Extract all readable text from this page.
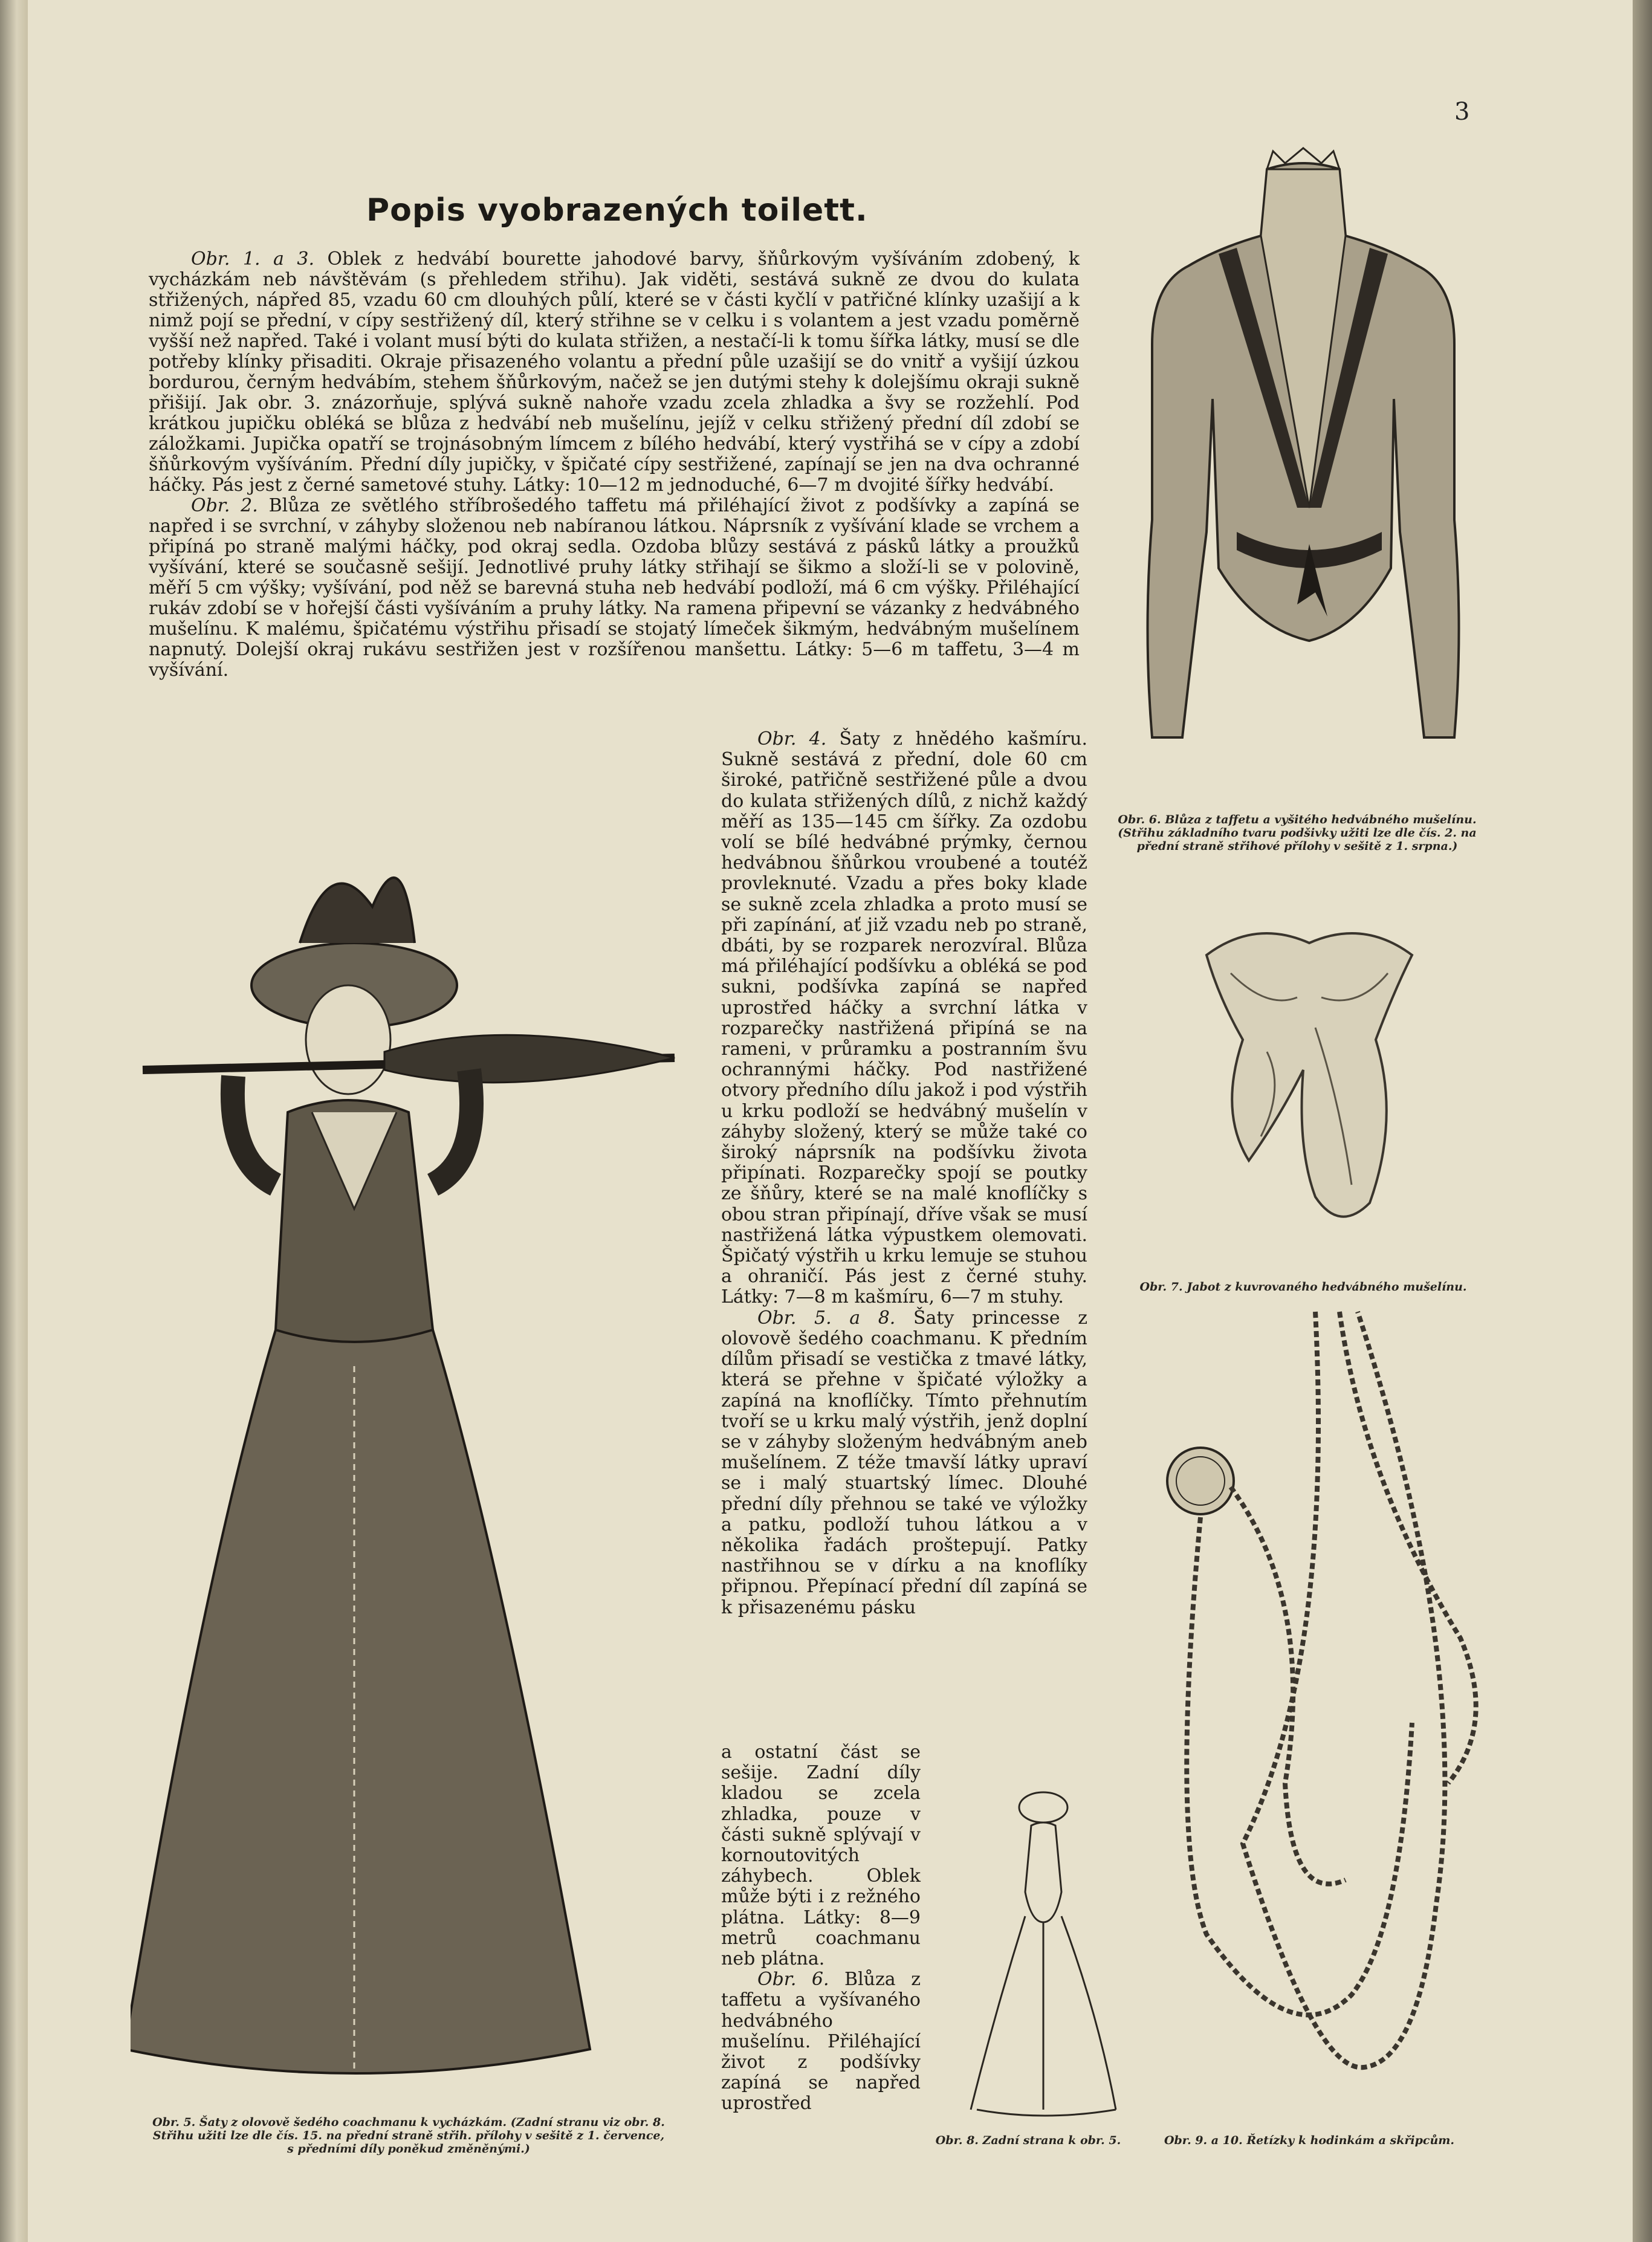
3
Popis vyobrazených toilett.

Obr. 1. a 3. Oblek z hedvábí bourette jahodové barvy, šňůrkovým vyšíváním zdobený, k vycházkám neb návštěvám (s přehledem střihu). Jak viděti, sestává sukně ze dvou do kulata střižených, nápřed 85, vzadu 60 cm dlouhých půlí, které se v části kyčlí v patřičné klínky uzašijí a k nimž pojí se přední, v cípy sestřižený díl, který střihne se v celku i s volantem a jest vzadu poměrně vyšší než napřed. Také i volant musí býti do kulata střižen, a nestačí-li k tomu šířka látky, musí se dle potřeby klínky přisaditi. Okraje přisazeného volantu a přední půle uzašijí se do vnitř a vyšijí úzkou bordurou, černým hedvábím, stehem šňůrkovým, načež se jen dutými stehy k dolejšímu okraji sukně přišijí. Jak obr. 3. znázorňuje, splývá sukně nahoře vzadu zcela zhladka a švy se rozžehlí. Pod krátkou jupičku obléká se blůza z hedvábí neb mušelínu, jejíž v celku střižený přední díl zdobí se záložkami. Jupička opatří se trojnásobným límcem z bílého hedvábí, který vystřihá se v cípy a zdobí šňůrkovým vyšíváním. Přední díly jupičky, v špičaté cípy sestřižené, zapínají se jen na dva ochranné háčky. Pás jest z černé sametové stuhy. Látky: 10—12 m jednoduché, 6—7 m dvojité šířky hedvábí.

Obr. 2. Blůza ze světlého stříbrošedého taffetu má přiléhající život z podšívky a zapíná se napřed i se svrchní, v záhyby složenou neb nabíranou látkou. Náprsník z vyšívání klade se vrchem a připíná po straně malými háčky, pod okraj sedla. Ozdoba blůzy sestává z pásků látky a proužků vyšívání, které se současně sešijí. Jednotlivé pruhy látky střihají se šikmo a složí-li se v polovině, měří 5 cm výšky; vyšívání, pod něž se barevná stuha neb hedvábí podloží, má 6 cm výšky. Přiléhající rukáv zdobí se v hořejší části vyšíváním a pruhy látky. Na ramena připevní se vázanky z hedvábného mušelínu. K malému, špičatému výstřihu přisadí se stojatý límeček šikmým, hedvábným mušelínem napnutý. Dolejší okraj rukávu sestřižen jest v rozšířenou manšettu. Látky: 5—6 m taffetu, 3—4 m vyšívání.

Obr. 4. Šaty z hnědého kašmíru. Sukně sestává z přední, dole 60 cm široké, patřičně sestřižené půle a dvou do kulata střižených dílů, z nichž každý měří as 135—145 cm šířky. Za ozdobu volí se bílé hedvábné prýmky, černou hedvábnou šňůrkou vroubené a toutéž provleknuté. Vzadu a přes boky klade se sukně zcela zhladka a proto musí se při zapínání, ať již vzadu neb po straně, dbáti, by se rozparek nerozvíral. Blůza má přiléhající podšívku a obléká se pod sukni, podšívka zapíná se napřed uprostřed háčky a svrchní látka v rozparečky nastřižená připíná se na rameni, v průramku a postranním švu ochrannými háčky. Pod nastřižené otvory předního dílu jakož i pod výstřih u krku podloží se hedvábný mušelín v záhyby složený, který se může také co široký náprsník na podšívku života připínati. Rozparečky spojí se poutky ze šňůry, které se na malé knoflíčky s obou stran připínají, dříve však se musí nastřižená látka výpustkem olemovati. Špičatý výstřih u krku lemuje se stuhou a ohraničí. Pás jest z černé stuhy. Látky: 7—8 m kašmíru, 6—7 m stuhy.

Obr. 5. a 8. Šaty princesse z olovově šedého coachmanu. K předním dílům přisadí se vestička z tmavé látky, která se přehne v špičaté výložky a zapíná na knoflíčky. Tímto přehnutím tvoří se u krku malý výstřih, jenž doplní se v záhyby složeným hedvábným aneb mušelínem. Z téže tmavší látky upraví se i malý stuartský límec. Dlouhé přední díly přehnou se také ve výložky a patku, podloží tuhou látkou a v několika řadách proštepují. Patky nastřihnou se v dírku a na knoflíky připnou. Přepínací přední díl zapíná se k přisazenému pásku

a ostatní část se sešije. Zadní díly kladou se zcela zhladka, pouze v části sukně splývají v kornoutovitých záhybech. Oblek může býti i z režného plátna. Látky: 8—9 metrů coachmanu neb plátna.

Obr. 6. Blůza z taffetu a vyšívaného hedvábného mušelínu. Přiléhající život z podšívky zapíná se napřed uprostřed

Obr. 6. Blůza z taffetu a vyšitého hedvábného mušelínu. (Střihu základního tvaru podšivky užiti lze dle čís. 2. na přední straně střihové přílohy v sešitě z 1. srpna.)
Obr. 7. Jabot z kuvrovaného hedvábného mušelínu.
Obr. 5. Šaty z olovově šedého coachmanu k vycházkám. (Zadní stranu viz obr. 8. Střihu užiti lze dle čís. 15. na přední straně střih. přílohy v sešitě z 1. července, s předními díly poněkud změněnými.)
Obr. 8. Zadní strana k obr. 5.	Obr. 9. a 10. Řetízky k hodinkám a skřipcům.
